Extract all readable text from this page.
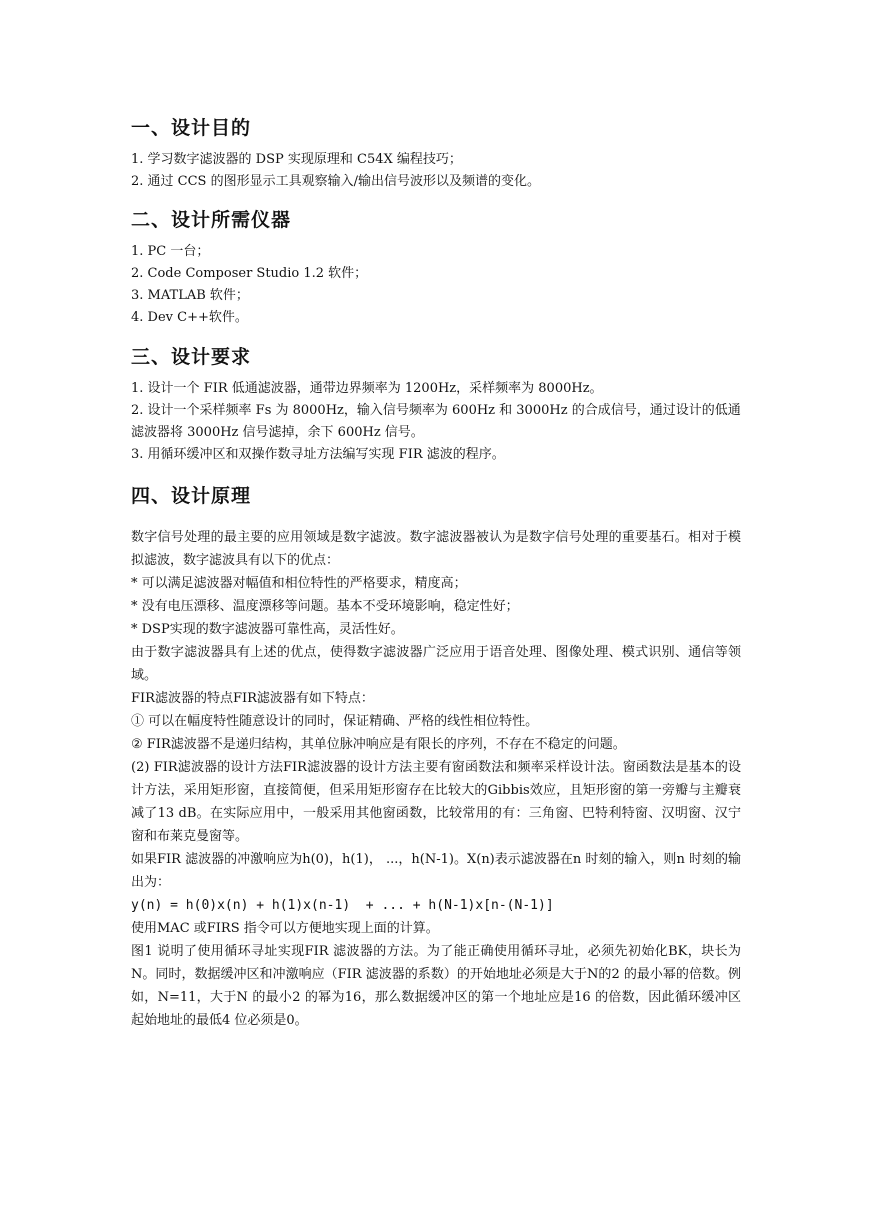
一、设计目的
1. 学习数字滤波器的 DSP 实现原理和 C54X 编程技巧；
2. 通过 CCS 的图形显示工具观察输入/输出信号波形以及频谱的变化。
二、设计所需仪器
1. PC 一台；
2. Code Composer Studio 1.2 软件；
3. MATLAB 软件；
4. Dev C++软件。
三、设计要求
1. 设计一个 FIR 低通滤波器，通带边界频率为 1200Hz，采样频率为 8000Hz。
2. 设计一个采样频率 Fs 为 8000Hz，输入信号频率为 600Hz 和 3000Hz 的合成信号，通过设计的低通滤波器将 3000Hz 信号滤掉，余下 600Hz 信号。
3. 用循环缓冲区和双操作数寻址方法编写实现 FIR 滤波的程序。
四、设计原理

数字信号处理的最主要的应用领域是数字滤波。数字滤波器被认为是数字信号处理的重要基石。相对于模拟滤波，数字滤波具有以下的优点：

* 可以满足滤波器对幅值和相位特性的严格要求，精度高；

* 没有电压漂移、温度漂移等问题。基本不受环境影响，稳定性好；

* DSP实现的数字滤波器可靠性高，灵活性好。

由于数字滤波器具有上述的优点，使得数字滤波器广泛应用于语音处理、图像处理、模式识别、通信等领域。

FIR滤波器的特点FIR滤波器有如下特点：

① 可以在幅度特性随意设计的同时，保证精确、严格的线性相位特性。

② FIR滤波器不是递归结构，其单位脉冲响应是有限长的序列，不存在不稳定的问题。

(2) FIR滤波器的设计方法FIR滤波器的设计方法主要有窗函数法和频率采样设计法。窗函数法是基本的设计方法，采用矩形窗，直接简便，但采用矩形窗存在比较大的Gibbis效应，且矩形窗的第一旁瓣与主瓣衰减了13 dB。在实际应用中，一般采用其他窗函数，比较常用的有：三角窗、巴特利特窗、汉明窗、汉宁窗和布莱克曼窗等。

如果FIR 滤波器的冲激响应为h(0)，h(1)， ...，h(N-1)。X(n)表示滤波器在n 时刻的输入，则n 时刻的输出为：

y(n) = h(0)x(n) + h(1)x(n-1)  + ... + h(N-1)x[n-(N-1)]

使用MAC 或FIRS 指令可以方便地实现上面的计算。

图1 说明了使用循环寻址实现FIR 滤波器的方法。为了能正确使用循环寻址，必须先初始化BK，块长为N。同时，数据缓冲区和冲激响应（FIR 滤波器的系数）的开始地址必须是大于N的2 的最小幂的倍数。例如，N=11，大于N 的最小2 的幂为16，那么数据缓冲区的第一个地址应是16 的倍数，因此循环缓冲区起始地址的最低4 位必须是0。
